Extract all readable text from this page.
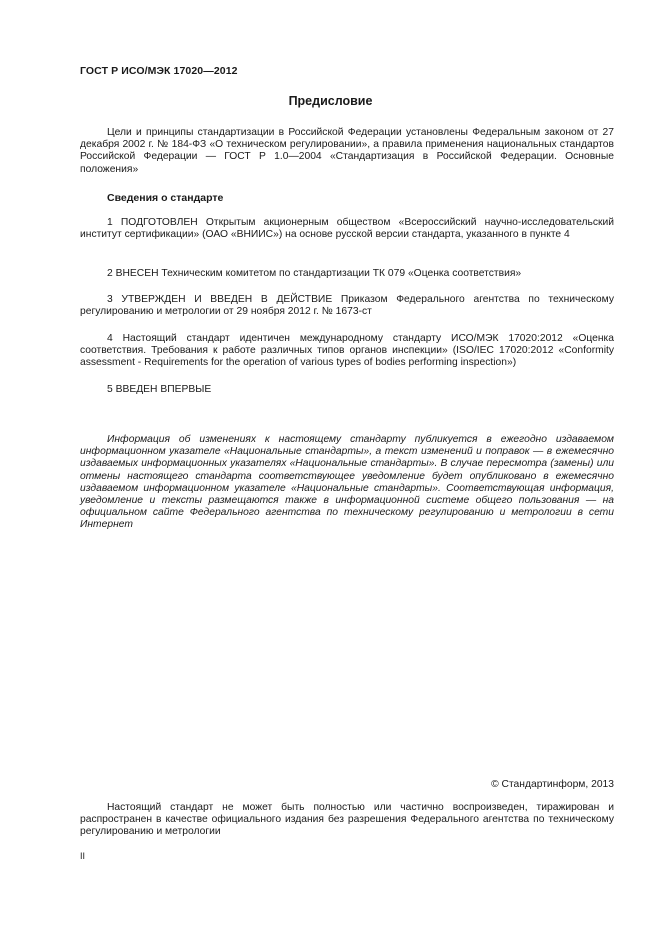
ГОСТ Р ИСО/МЭК 17020—2012
Предисловие
Цели и принципы стандартизации в Российской Федерации установлены Федеральным законом от 27 декабря 2002 г. № 184-ФЗ «О техническом регулировании», а правила применения национальных стандартов Российской Федерации — ГОСТ Р 1.0—2004 «Стандартизация в Российской Федерации. Основные положения»
Сведения о стандарте
1 ПОДГОТОВЛЕН Открытым акционерным обществом «Всероссийский научно-исследовательский институт сертификации» (ОАО «ВНИИС») на основе русской версии стандарта, указанного в пункте 4
2 ВНЕСЕН Техническим комитетом по стандартизации ТК 079 «Оценка соответствия»
3 УТВЕРЖДЕН И ВВЕДЕН В ДЕЙСТВИЕ Приказом Федерального агентства по техническому регулированию и метрологии от 29 ноября 2012 г. № 1673-ст
4 Настоящий стандарт идентичен международному стандарту ИСО/МЭК 17020:2012 «Оценка соответствия. Требования к работе различных типов органов инспекции» (ISO/IEC 17020:2012 «Conformity assessment - Requirements for the operation of various types of bodies performing inspection»)
5 ВВЕДЕН ВПЕРВЫЕ
Информация об изменениях к настоящему стандарту публикуется в ежегодно издаваемом информационном указателе «Национальные стандарты», а текст изменений и поправок — в ежемесячно издаваемых информационных указателях «Национальные стандарты». В случае пересмотра (замены) или отмены настоящего стандарта соответствующее уведомление будет опубликовано в ежемесячно издаваемом информационном указателе «Национальные стандарты». Соответствующая информация, уведомление и тексты размещаются также в информационной системе общего пользования — на официальном сайте Федерального агентства по техническому регулированию и метрологии в сети Интернет
© Стандартинформ, 2013
Настоящий стандарт не может быть полностью или частично воспроизведен, тиражирован и распространен в качестве официального издания без разрешения Федерального агентства по техническому регулированию и метрологии
II
